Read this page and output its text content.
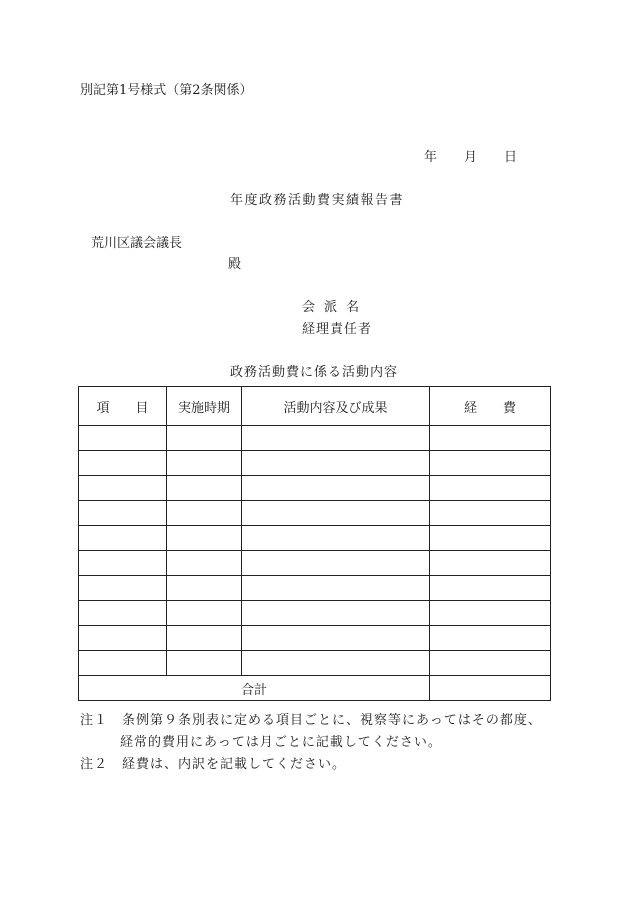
別記第1号様式（第2条関係）
年 月 日
年度政務活動費実績報告書
荒川区議会議長
殿
会派名
経理責任者
政務活動費に係る活動内容
項　　目	実施時期	活動内容及び成果	経　　費

合計			
注１　条例第９条別表に定める項目ごとに、視察等にあってはその都度、
経常的費用にあっては月ごとに記載してください。
注２　経費は、内訳を記載してください。
